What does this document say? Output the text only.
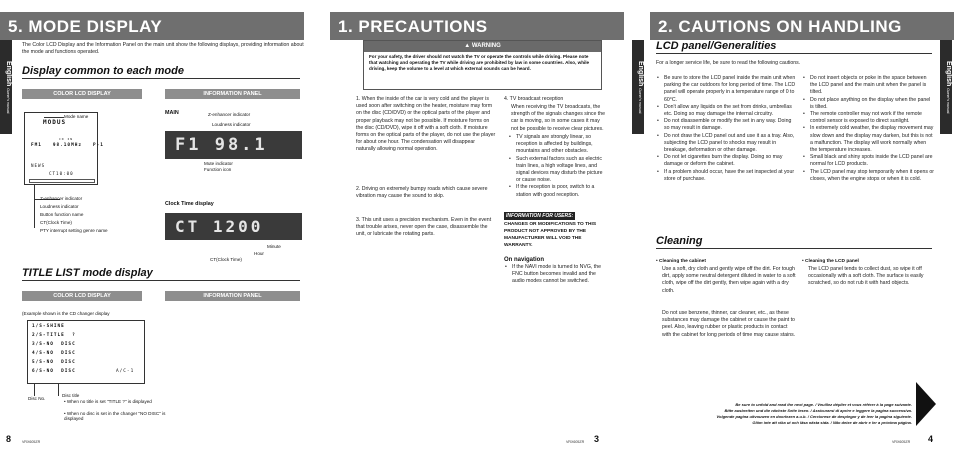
5. MODE DISPLAY
The Color LCD Display and the Information Panel on the main unit show the following displays, providing information about the mode and functions operated.
Display common to each mode
English Owner's manual	COLOR LCD DISPLAY	INFORMATION PANEL
MODUS
CD IN
FM1   98.10MHz   P-1
NEWS
CT10:00
Mode name
Z-enhancer indicator
Loudness indicator
Button function name
CT(Clock Time)
PTY interrupt setting genre name
MAIN	Z-enhancer indicator
Loudness indicator
F1 98.1
Mute indicator
Function icon
Clock Time display
CT 1200
Minute
Hour
CT(Clock Time)
TITLE LIST mode display
COLOR LCD DISPLAY	INFORMATION PANEL
(Example shown is the CD changer display
1/S-SHINE
2/S-TITLE  ?
3/S-NO  DISC
4/S-NO  DISC
5/S-NO  DISC
6/S-NO  DISC	A/C-1
Disc No.
Disc title
• When no title is set "TITLE ?" is displayed
• When no disc is set in the changer "NO DISC" is displayed
8	VRX605ZR
1. PRECAUTIONS
▲ WARNING
For your safety, the driver should not watch the TV or operate the controls while driving. Please note that watching and operating the TV while driving are prohibited by law in some countries. Also, while driving, keep the volume to a level at which external sounds can be heard.
1. When the inside of the car is very cold and the player is used soon after switching on the heater, moisture may form on the disc (CD/DVD) or the optical parts of the player and proper playback may not be possible. If moisture forms on the disc (CD/DVD), wipe it off with a soft cloth. If moisture forms on the optical parts of the player, do not use the player for about one hour. The condensation will disappear naturally allowing normal operation.
2. Driving on extremely bumpy roads which cause severe vibration may cause the sound to skip.
3. This unit uses a precision mechanism. Even in the event that trouble arises, never open the case, disassemble the unit, or lubricate the rotating parts.
4. TV broadcast reception
When receiving the TV broadcasts, the strength of the signals changes since the car is moving, so in some cases it may not be possible to receive clear pictures.
• TV signals are strongly linear, so reception is affected by buildings, mountains and other obstacles.
• Such external factors such as electric train lines, a high voltage lines, and signal devices may disturb the picture or cause noise.
• If the reception is poor, switch to a station with good reception.
INFORMATION FOR USERS:
CHANGES OR MODIFICATIONS TO THIS PRODUCT NOT APPROVED BY THE MANUFACTURER WILL VOID THE WARRANTY.
On navigation
• If the NAVI mode is turned to NVG, the FNC button becomes invalid and the audio modes cannot be switched.
VRX605ZR 3
2. CAUTIONS ON HANDLING
English Owner's manual
English Owner's manual
LCD panel/Generalities
For a longer service life, be sure to read the following cautions.
• Be sure to store the LCD panel inside the main unit when parking the car outdoors for long period of time. The LCD panel will operate properly in a temperature range of 0 to 60°C.
• Don't allow any liquids on the set from drinks, umbrellas etc. Doing so may damage the internal circuitry.
• Do not disassemble or modify the set in any way. Doing so may result in damage.
• Do not draw the LCD panel out and use it as a tray. Also, subjecting the LCD panel to shocks may result in breakage, deformation or other damage.
• Do not let cigarettes burn the display. Doing so may damage or deform the cabinet.
• If a problem should occur, have the set inspected at your store of purchase.
• Do not insert objects or poke in the space between the LCD panel and the main unit when the panel is tilted.
• Do not place anything on the display when the panel is tilted.
• The remote controller may not work if the remote control sensor is exposed to direct sunlight.
• In extremely cold weather, the display movement may slow down and the display may darken, but this is not a malfunction. The display will work normally when the temperature increases.
• Small black and shiny spots inside the LCD panel are normal for LCD products.
• The LCD panel may stop temporarily when it opens or closes, when the engine stops or when it is cold.
Cleaning
• Cleaning the cabinet
Use a soft, dry cloth and gently wipe off the dirt. For tough dirt, apply some neutral detergent diluted in water to a soft cloth, wipe off the dirt gently, then wipe again with a dry cloth.
Do not use benzene, thinner, car cleaner, etc., as these substances may damage the cabinet or cause the paint to peel. Also, leaving rubber or plastic products in contact with the cabinet for long periods of time may cause stains.
• Cleaning the LCD panel
The LCD panel tends to collect dust, so wipe it off occasionally with a soft cloth. The surface is easily scratched, so do not rub it with hard objects.
Be sure to unfold and read the next page. / Veuillez déplier et vous référer à la page suivante.
Bitte ausbreiten und die nächste Seite lesen. / Assicurarsi di aprire e leggere la pagina successiva.
Volgende pagina uitvouwen en doorlezen a.u.b. / Cerciorese de desplegar y de leer la pagina siguiente.
Glöm inte att vika ut och läsa nästa sida. / Não deixe de abrir e ler a próxima página.
VRX605ZR 4
